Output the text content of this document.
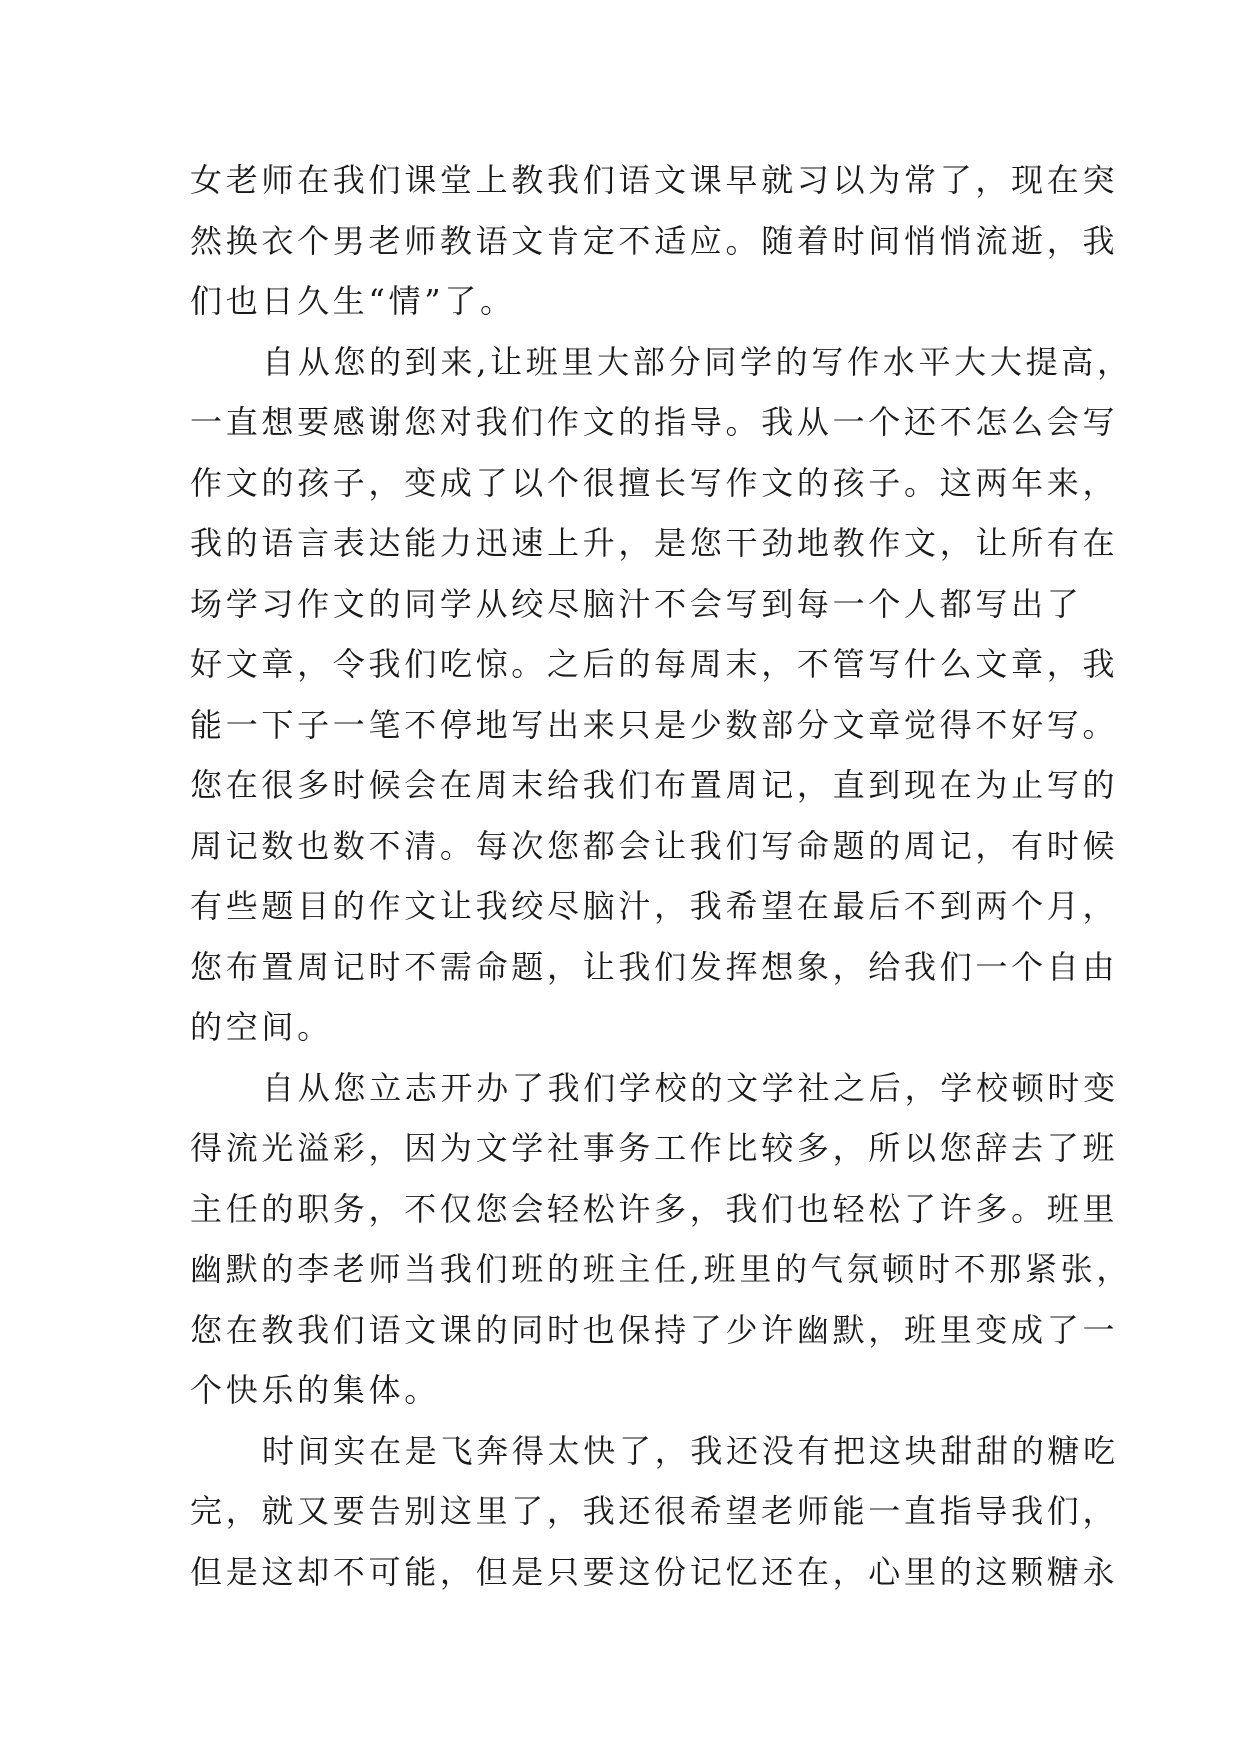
女老师在我们课堂上教我们语文课早就习以为常了，现在突
然换衣个男老师教语文肯定不适应。随着时间悄悄流逝，我
们也日久生“情”了。
自从您的到来,让班里大部分同学的写作水平大大提高，
一直想要感谢您对我们作文的指导。我从一个还不怎么会写
作文的孩子，变成了以个很擅长写作文的孩子。这两年来，
我的语言表达能力迅速上升，是您干劲地教作文，让所有在
场学习作文的同学从绞尽脑汁不会写到每一个人都写出了
好文章，令我们吃惊。之后的每周末，不管写什么文章，我
能一下子一笔不停地写出来只是少数部分文章觉得不好写。
您在很多时候会在周末给我们布置周记，直到现在为止写的
周记数也数不清。每次您都会让我们写命题的周记，有时候
有些题目的作文让我绞尽脑汁，我希望在最后不到两个月，
您布置周记时不需命题，让我们发挥想象，给我们一个自由
的空间。
自从您立志开办了我们学校的文学社之后，学校顿时变
得流光溢彩，因为文学社事务工作比较多，所以您辞去了班
主任的职务，不仅您会轻松许多，我们也轻松了许多。班里
幽默的李老师当我们班的班主任,班里的气氛顿时不那紧张，
您在教我们语文课的同时也保持了少许幽默，班里变成了一
个快乐的集体。
时间实在是飞奔得太快了，我还没有把这块甜甜的糖吃
完，就又要告别这里了，我还很希望老师能一直指导我们，
但是这却不可能，但是只要这份记忆还在，心里的这颗糖永
